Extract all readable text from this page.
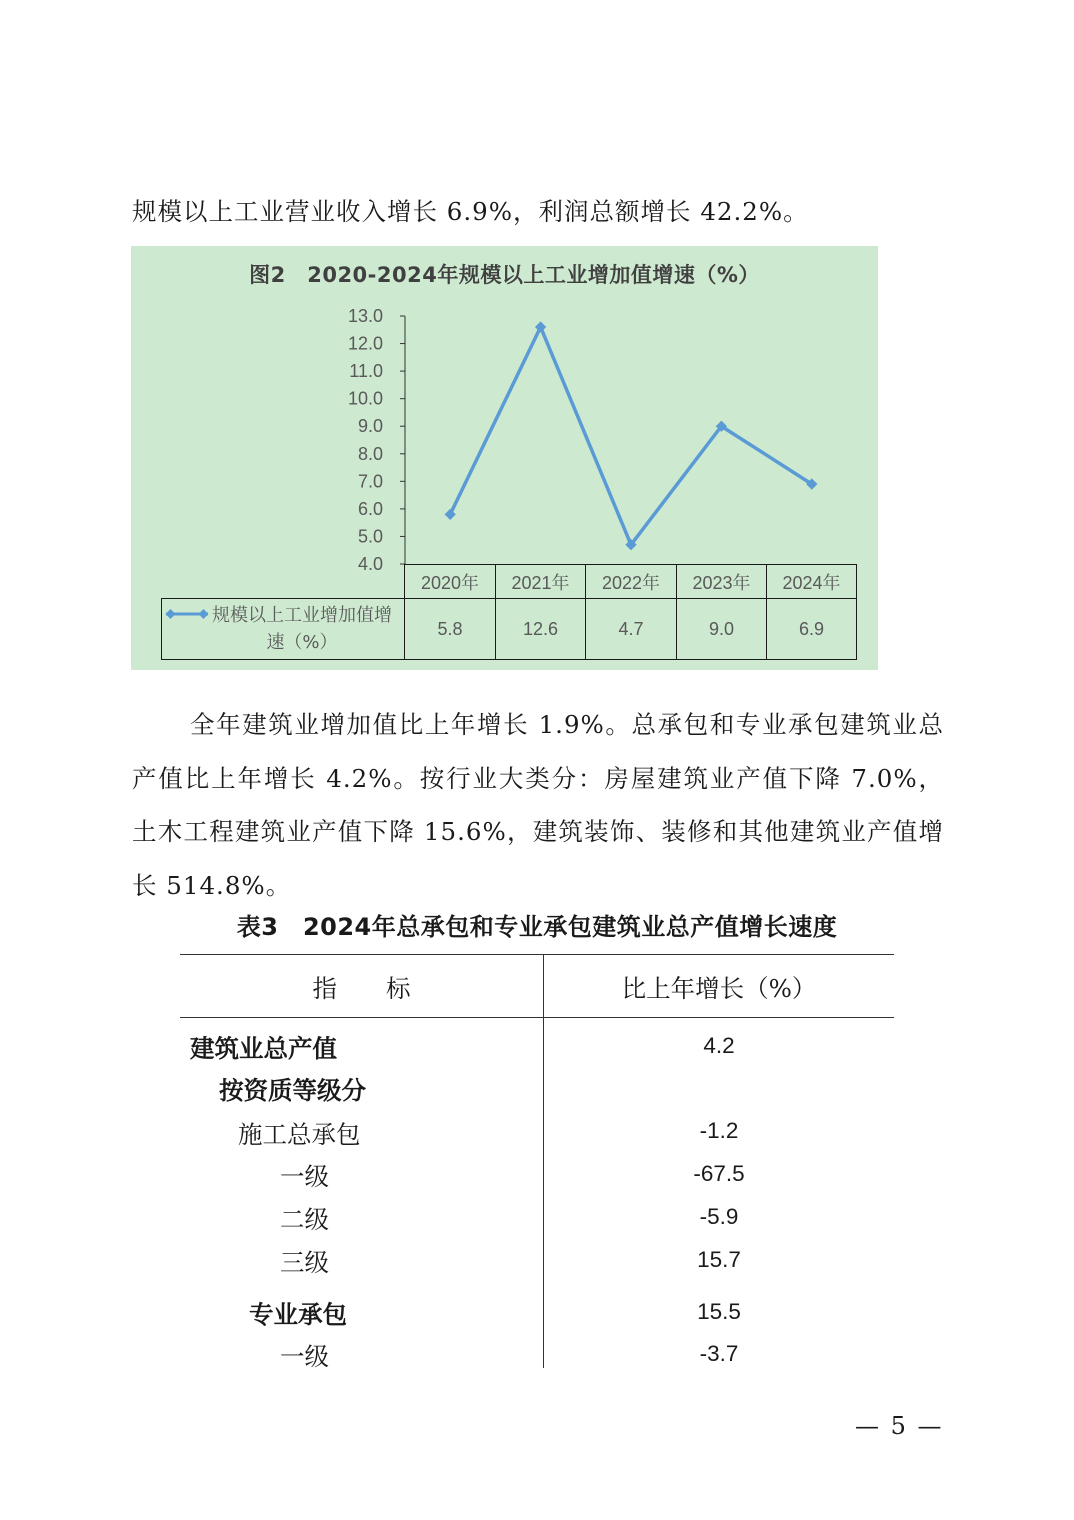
规模以上工业营业收入增长 6.9%，利润总额增长 42.2%。

图2　2020-2024年规模以上工业增加值增速（%）
4.0
5.0
6.0
7.0
8.0
9.0
10.0
11.0
12.0
13.0
	2020年	2021年	2022年	2023年	2024年

规模以上工业增加值增速（%）	5.8	12.6	4.7	9.0	6.9

全年建筑业增加值比上年增长 1.9%。总承包和专业承包建筑业总产值比上年增长 4.2%。按行业大类分：房屋建筑业产值下降 7.0%，土木工程建筑业产值下降 15.6%，建筑装饰、装修和其他建筑业产值增长 514.8%。

表3　2024年总承包和专业承包建筑业总产值增长速度
指　　标	比上年增长（%）
建筑业总产值	4.2
按资质等级分
施工总承包	-1.2
一级	-67.5
二级	-5.9
三级	15.7
专业承包	15.5
一级	-3.7
— 5 —
